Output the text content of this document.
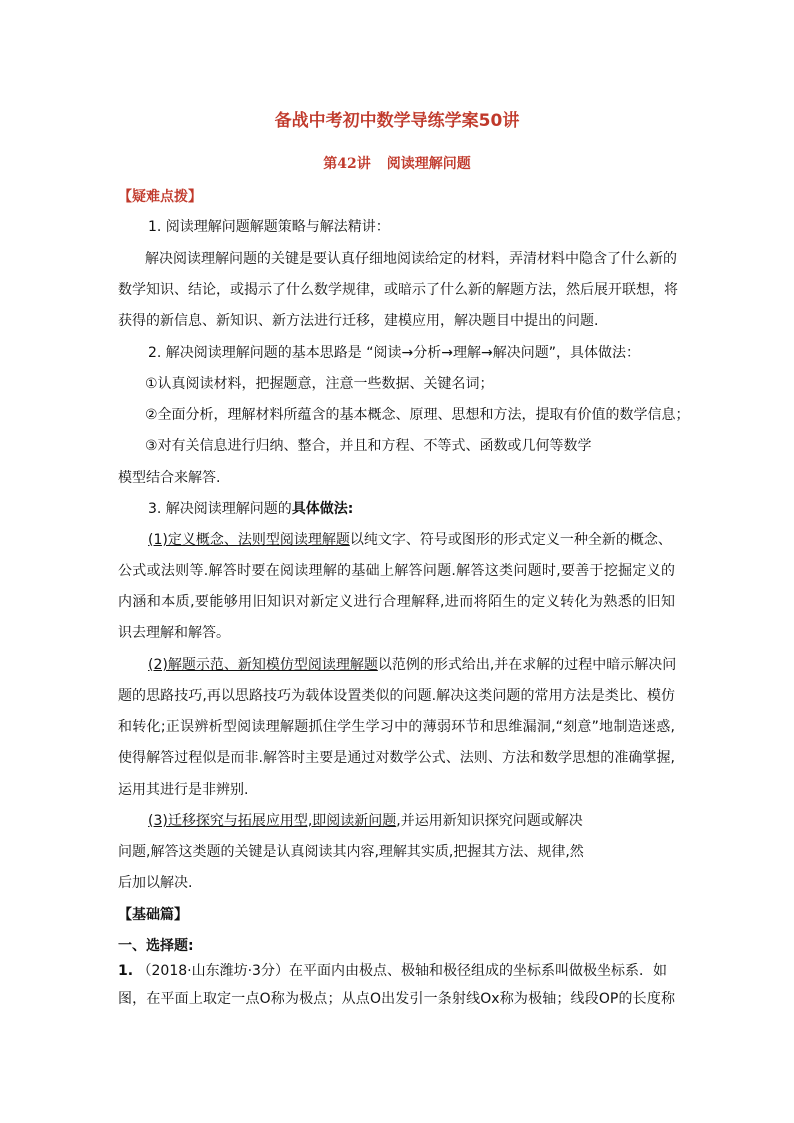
备战中考初中数学导练学案50讲
第42讲 阅读理解问题
【疑难点拨】
1. 阅读理解问题解题策略与解法精讲：
解决阅读理解问题的关键是要认真仔细地阅读给定的材料，弄清材料中隐含了什么新的
数学知识、结论，或揭示了什么数学规律，或暗示了什么新的解题方法，然后展开联想，将
获得的新信息、新知识、新方法进行迁移，建模应用，解决题目中提出的问题.
2. 解决阅读理解问题的基本思路是 “阅读→分析→理解→解决问题”，具体做法：
①认真阅读材料，把握题意，注意一些数据、关键名词；
②全面分析，理解材料所蕴含的基本概念、原理、思想和方法，提取有价值的数学信息；
③对有关信息进行归纳、整合，并且和方程、不等式、函数或几何等数学
模型结合来解答.
3. 解决阅读理解问题的具体做法:
(1)定义概念、法则型阅读理解题以纯文字、符号或图形的形式定义一种全新的概念、
公式或法则等.解答时要在阅读理解的基础上解答问题.解答这类问题时,要善于挖掘定义的
内涵和本质,要能够用旧知识对新定义进行合理解释,进而将陌生的定义转化为熟悉的旧知
识去理解和解答。
(2)解题示范、新知模仿型阅读理解题以范例的形式给出,并在求解的过程中暗示解决问
题的思路技巧,再以思路技巧为载体设置类似的问题.解决这类问题的常用方法是类比、模仿
和转化;正误辨析型阅读理解题抓住学生学习中的薄弱环节和思维漏洞,“刻意”地制造迷惑,
使得解答过程似是而非.解答时主要是通过对数学公式、法则、方法和数学思想的准确掌握,
运用其进行是非辨别.
(3)迁移探究与拓展应用型,即阅读新问题,并运用新知识探究问题或解决
问题,解答这类题的关键是认真阅读其内容,理解其实质,把握其方法、规律,然
后加以解决.
【基础篇】
一、选择题:
1. （2018·山东潍坊·3分）在平面内由极点、极轴和极径组成的坐标系叫做极坐标系．如
图，在平面上取定一点O称为极点；从点O出发引一条射线Ox称为极轴；线段OP的长度称
